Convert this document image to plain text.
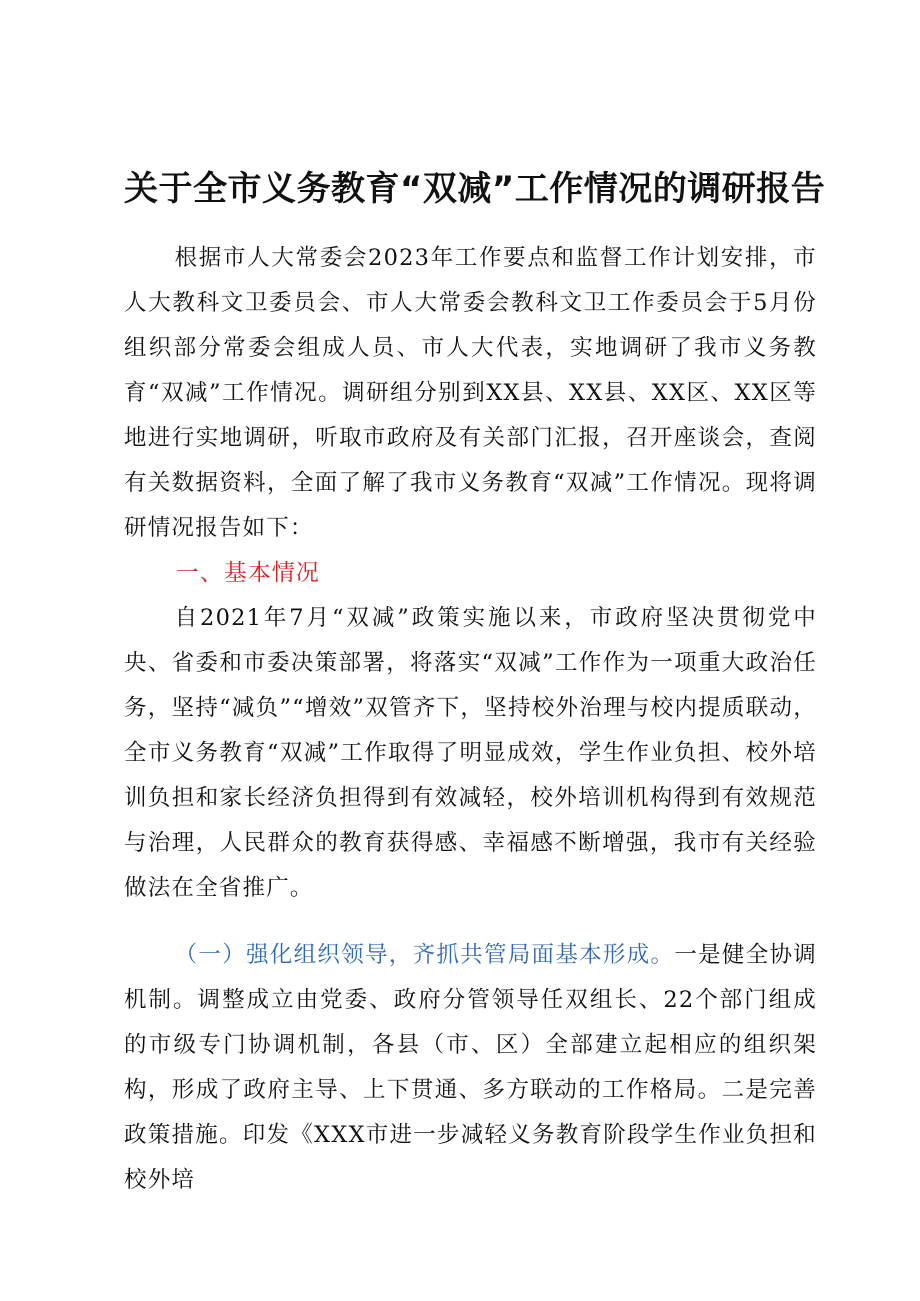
关于全市义务教育“双减”工作情况的调研报告

根据市人大常委会2023年工作要点和监督工作计划安排，市人大教科文卫委员会、市人大常委会教科文卫工作委员会于5月份组织部分常委会组成人员、市人大代表，实地调研了我市义务教育“双减”工作情况。调研组分别到XX县、XX县、XX区、XX区等地进行实地调研，听取市政府及有关部门汇报，召开座谈会，查阅有关数据资料，全面了解了我市义务教育“双减”工作情况。现将调研情况报告如下：

一、基本情况

自2021年7月“双减”政策实施以来，市政府坚决贯彻党中央、省委和市委决策部署，将落实“双减”工作作为一项重大政治任务，坚持“减负”“增效”双管齐下，坚持校外治理与校内提质联动，全市义务教育“双减”工作取得了明显成效，学生作业负担、校外培训负担和家长经济负担得到有效减轻，校外培训机构得到有效规范与治理，人民群众的教育获得感、幸福感不断增强，我市有关经验做法在全省推广。

（一）强化组织领导，齐抓共管局面基本形成。一是健全协调机制。调整成立由党委、政府分管领导任双组长、22个部门组成的市级专门协调机制，各县（市、区）全部建立起相应的组织架构，形成了政府主导、上下贯通、多方联动的工作格局。二是完善政策措施。印发《XXX市进一步减轻义务教育阶段学生作业负担和校外培
